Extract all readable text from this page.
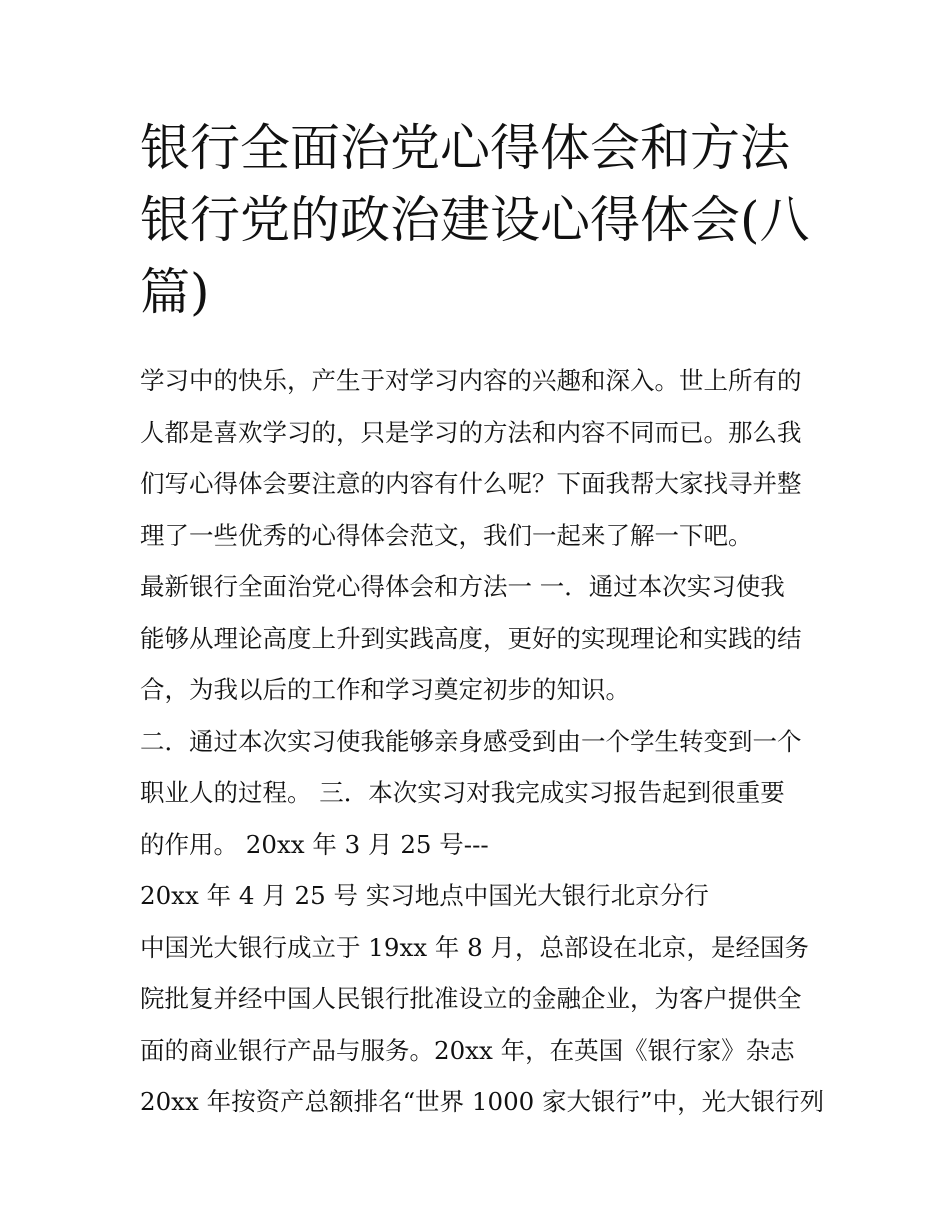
银行全面治党心得体会和方法
银行党的政治建设心得体会(八
篇)
学习中的快乐，产生于对学习内容的兴趣和深入。世上所有的
人都是喜欢学习的，只是学习的方法和内容不同而已。那么我
们写心得体会要注意的内容有什么呢？下面我帮大家找寻并整
理了一些优秀的心得体会范文，我们一起来了解一下吧。
最新银行全面治党心得体会和方法一 一．通过本次实习使我
能够从理论高度上升到实践高度，更好的实现理论和实践的结
合，为我以后的工作和学习奠定初步的知识。
二．通过本次实习使我能够亲身感受到由一个学生转变到一个
职业人的过程。 三．本次实习对我完成实习报告起到很重要
的作用。 20xx 年 3 月 25 号---
20xx 年 4 月 25 号 实习地点中国光大银行北京分行
中国光大银行成立于 19xx 年 8 月，总部设在北京，是经国务
院批复并经中国人民银行批准设立的金融企业，为客户提供全
面的商业银行产品与服务。20xx 年，在英国《银行家》杂志
20xx 年按资产总额排名“世界 1000 家大银行”中，光大银行列
